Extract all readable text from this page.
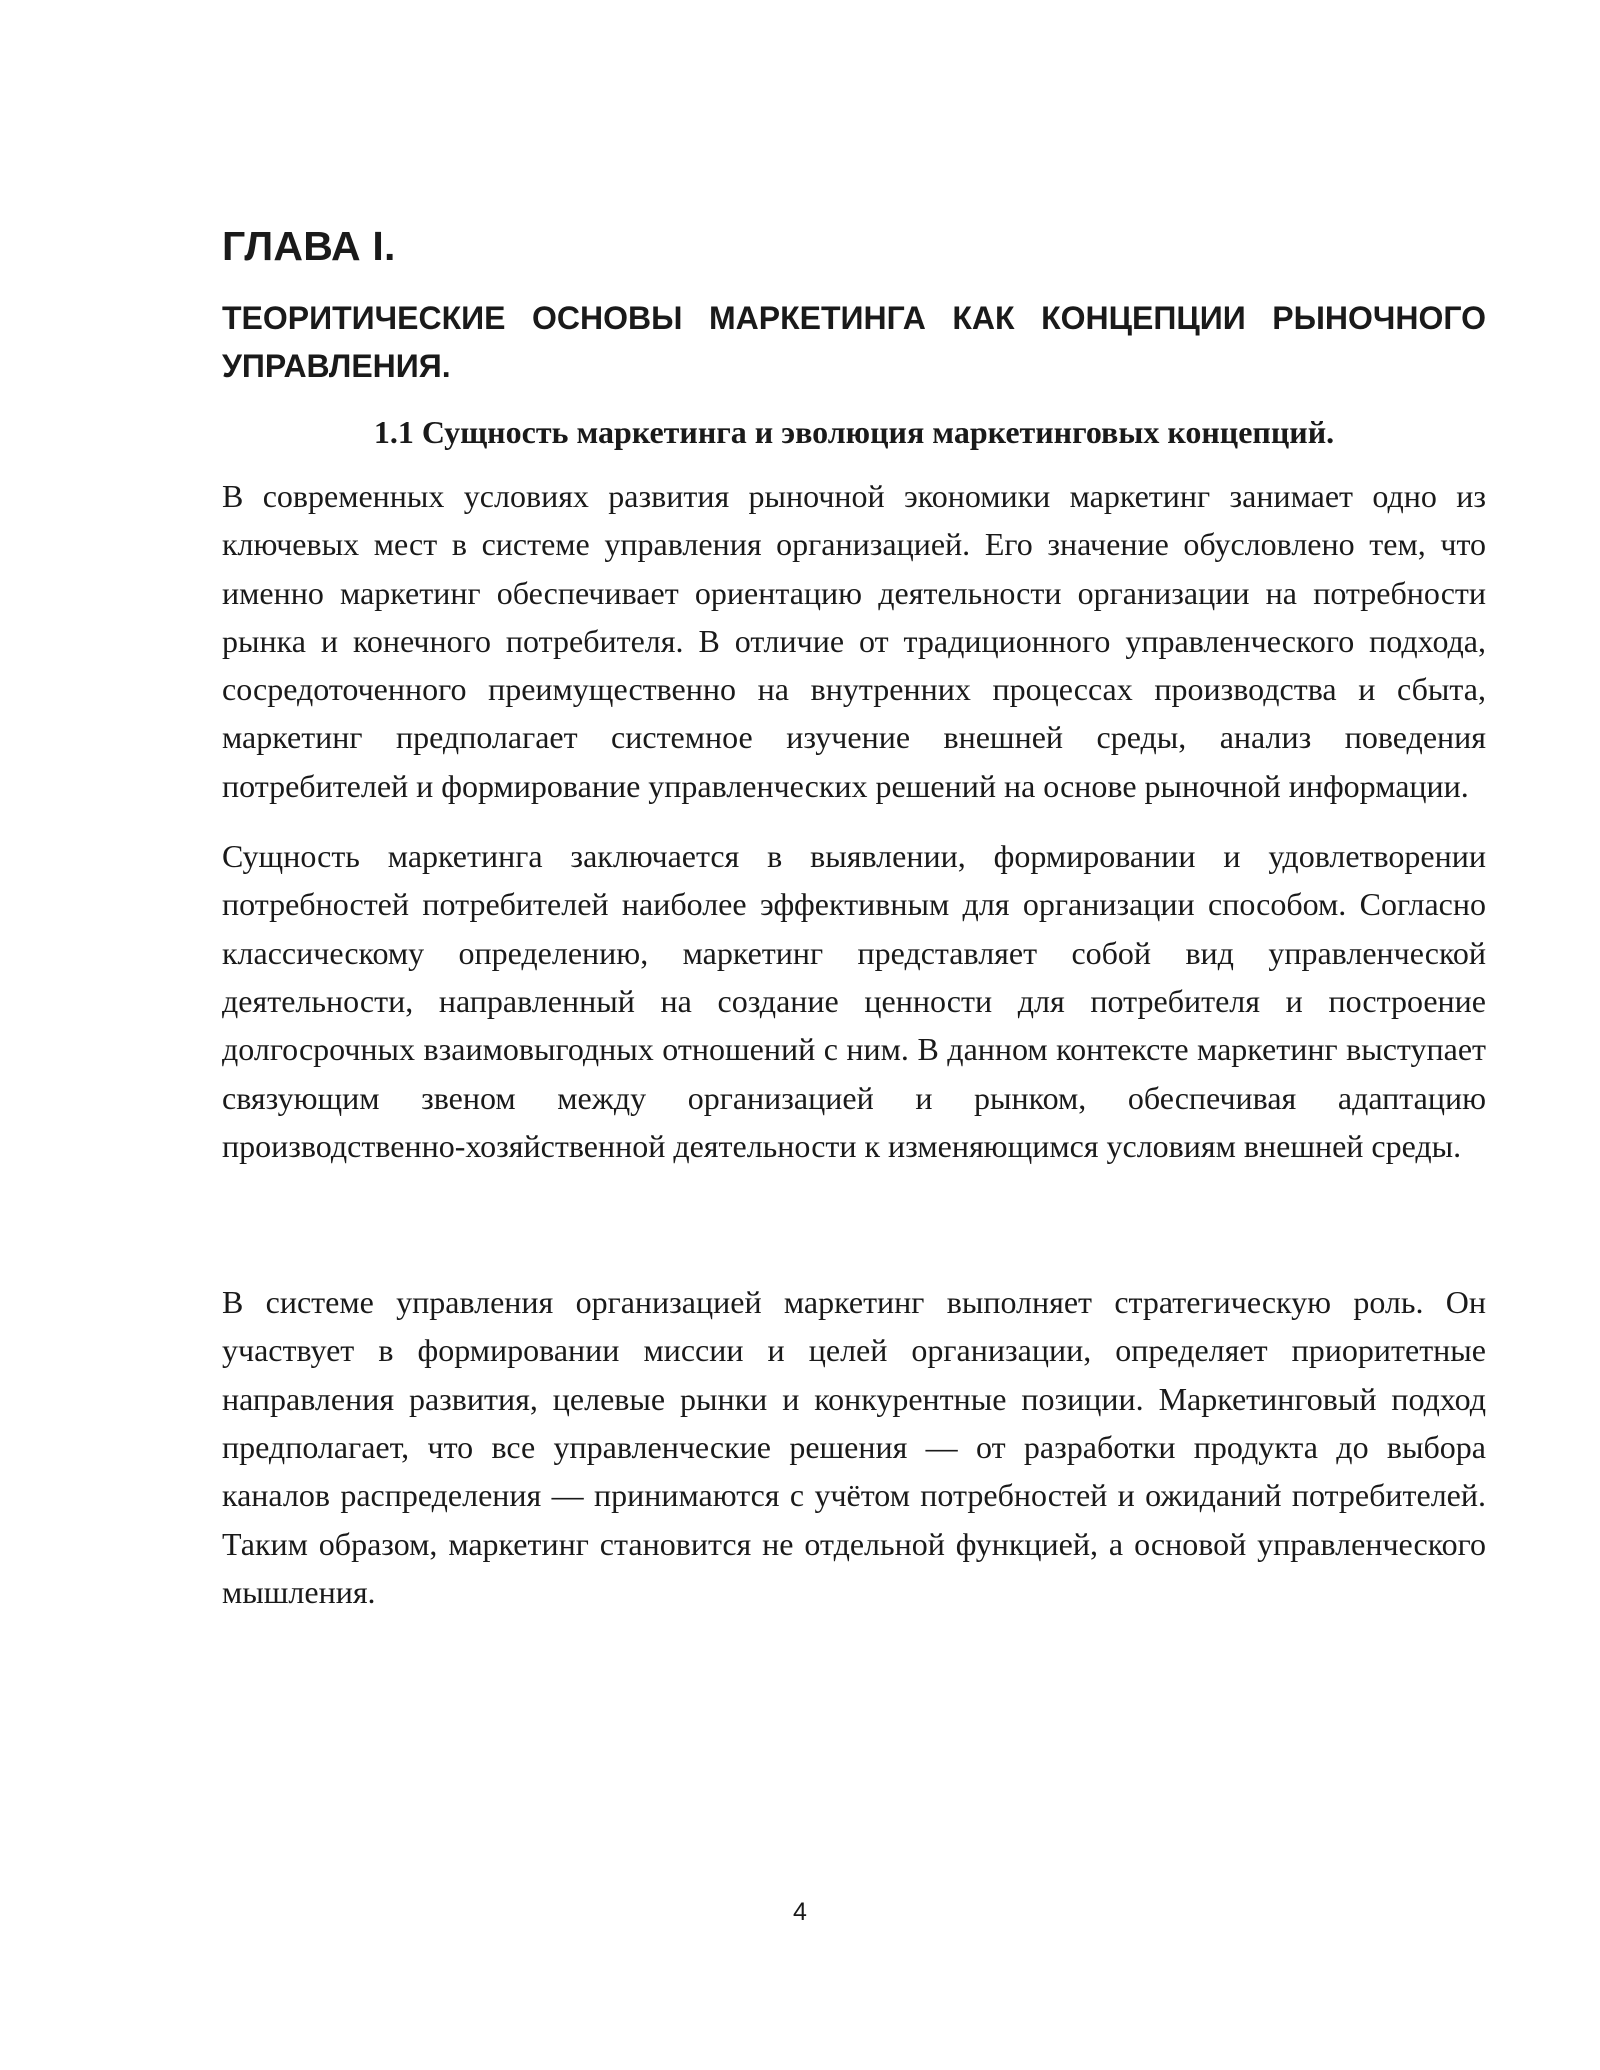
ГЛАВА I.
ТЕОРИТИЧЕСКИЕ ОСНОВЫ МАРКЕТИНГА КАК КОНЦЕПЦИИ РЫНОЧНОГО УПРАВЛЕНИЯ.
1.1 Сущность маркетинга и эволюция маркетинговых концепций.

В современных условиях развития рыночной экономики маркетинг занимает одно из ключевых мест в системе управления организацией. Его значение обусловлено тем, что именно маркетинг обеспечивает ориентацию деятельности организации на потребности рынка и конечного потребителя. В отличие от традиционного управленческого подхода, сосредоточенного преимущественно на внутренних процессах производства и сбыта, маркетинг предполагает системное изучение внешней среды, анализ поведения потребителей и формирование управленческих решений на основе рыночной информации.

Сущность маркетинга заключается в выявлении, формировании и удовлетворении потребностей потребителей наиболее эффективным для организации способом. Согласно классическому определению, маркетинг представляет собой вид управленческой деятельности, направленный на создание ценности для потребителя и построение долгосрочных взаимовыгодных отношений с ним. В данном контексте маркетинг выступает связующим звеном между организацией и рынком, обеспечивая адаптацию производственно-хозяйственной деятельности к изменяющимся условиям внешней среды.

В системе управления организацией маркетинг выполняет стратегическую роль. Он участвует в формировании миссии и целей организации, определяет приоритетные направления развития, целевые рынки и конкурентные позиции. Маркетинговый подход предполагает, что все управленческие решения — от разработки продукта до выбора каналов распределения — принимаются с учётом потребностей и ожиданий потребителей. Таким образом, маркетинг становится не отдельной функцией, а основой управленческого мышления.

4
